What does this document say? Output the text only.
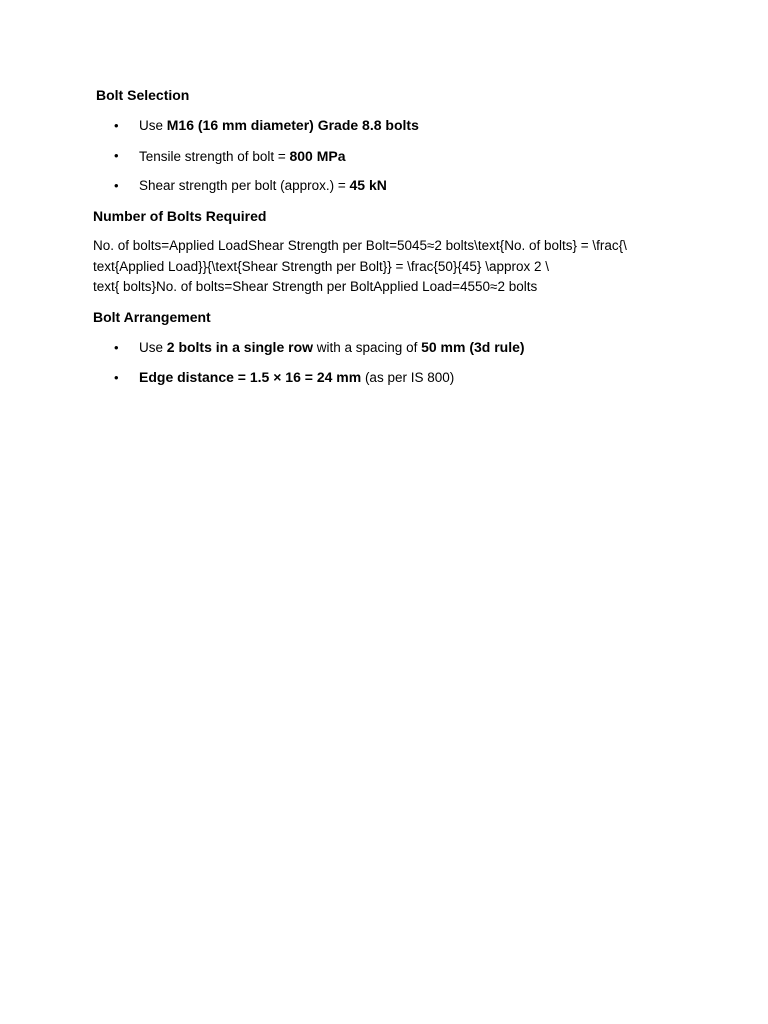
Bolt Selection
• Use M16 (16 mm diameter) Grade 8.8 bolts
• Tensile strength of bolt = 800 MPa
• Shear strength per bolt (approx.) = 45 kN
Number of Bolts Required
No. of bolts=Applied LoadShear Strength per Bolt=5045≈2 bolts\text{No. of bolts} = \frac{\
text{Applied Load}}{\text{Shear Strength per Bolt}} = \frac{50}{45} \approx 2 \
text{ bolts}No. of bolts=Shear Strength per BoltApplied Load=4550≈2 bolts
Bolt Arrangement
• Use 2 bolts in a single row with a spacing of 50 mm (3d rule)
• Edge distance = 1.5 × 16 = 24 mm (as per IS 800)
